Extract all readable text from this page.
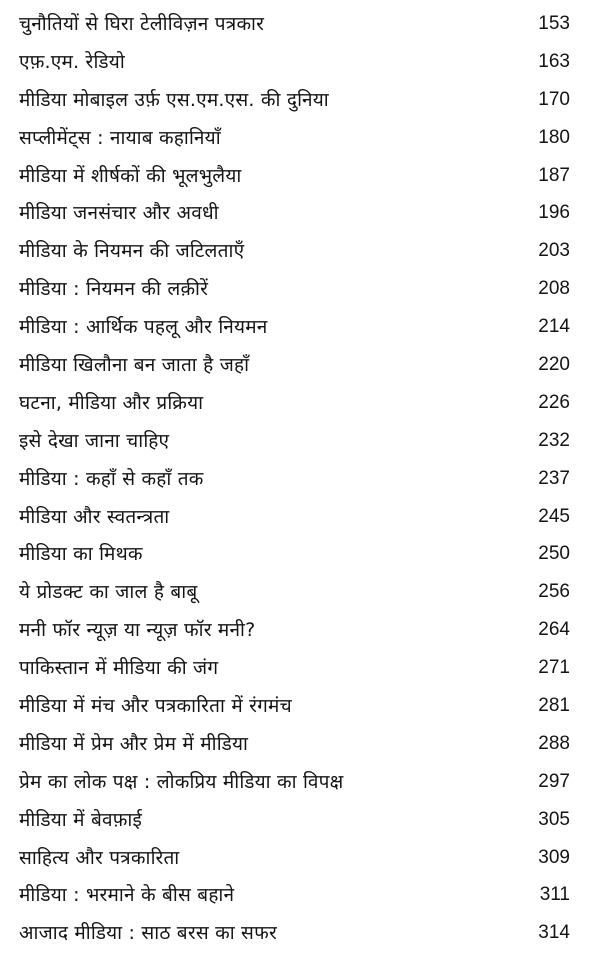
चुनौतियों से घिरा टेलीविज़न पत्रकार	153
एफ़.एम. रेडियो	163
मीडिया मोबाइल उर्फ़ एस.एम.एस. की दुनिया	170
सप्लीमेंट्स : नायाब कहानियाँ	180
मीडिया में शीर्षकों की भूलभुलैया	187
मीडिया जनसंचार और अवधी	196
मीडिया के नियमन की जटिलताएँ	203
मीडिया : नियमन की लक़ीरें	208
मीडिया : आर्थिक पहलू और नियमन	214
मीडिया खिलौना बन जाता है जहाँ	220
घटना, मीडिया और प्रक्रिया	226
इसे देखा जाना चाहिए	232
मीडिया : कहाँ से कहाँ तक	237
मीडिया और स्वतन्त्रता	245
मीडिया का मिथक	250
ये प्रोडक्ट का जाल है बाबू	256
मनी फॉर न्यूज़ या न्यूज़ फॉर मनी?	264
पाकिस्तान में मीडिया की जंग	271
मीडिया में मंच और पत्रकारिता में रंगमंच	281
मीडिया में प्रेम और प्रेम में मीडिया	288
प्रेम का लोक पक्ष : लोकप्रिय मीडिया का विपक्ष	297
मीडिया में बेवफ़ाई	305
साहित्य और पत्रकारिता	309
मीडिया : भरमाने के बीस बहाने	311
आजाद मीडिया : साठ बरस का सफर	314
